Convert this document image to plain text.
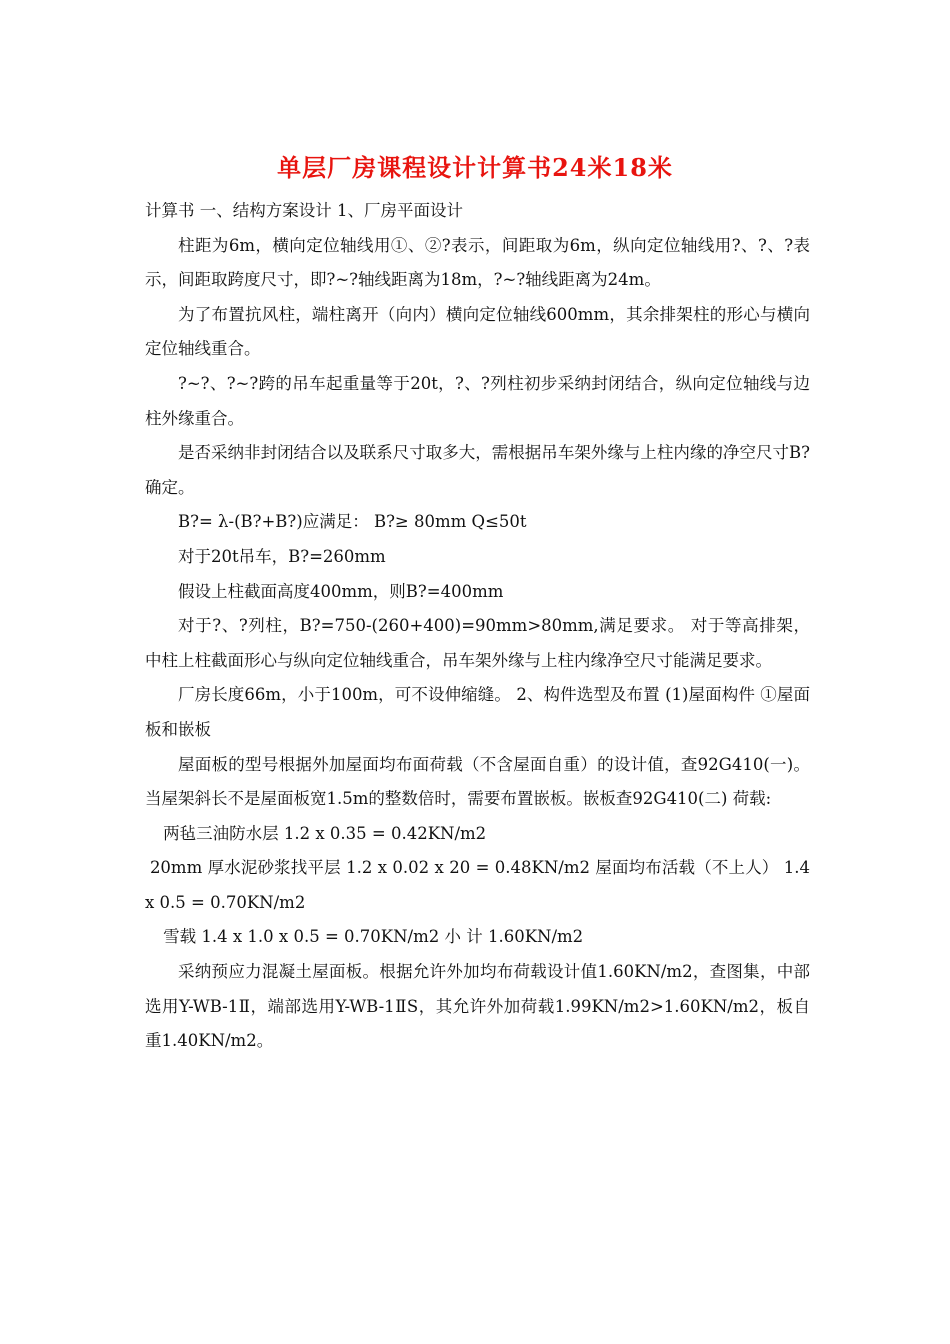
单层厂房课程设计计算书24米18米

计算书 一、结构方案设计 1、厂房平面设计

柱距为6m，横向定位轴线用①、②?表示，间距取为6m，纵向定位轴线用?、?、?表示，间距取跨度尺寸，即?~?轴线距离为18m，?~?轴线距离为24m。

为了布置抗风柱，端柱离开（向内）横向定位轴线600mm，其余排架柱的形心与横向定位轴线重合。

?~?、?~?跨的吊车起重量等于20t，?、?列柱初步采纳封闭结合，纵向定位轴线与边柱外缘重合。

是否采纳非封闭结合以及联系尺寸取多大，需根据吊车架外缘与上柱内缘的净空尺寸B?确定。

B?= λ-(B?+B?)应满足： B?≥ 80mm Q≤50t

对于20t吊车，B?=260mm

假设上柱截面高度400mm，则B?=400mm

对于?、?列柱，B?=750-(260+400)=90mm>80mm,满足要求。 对于等高排架，中柱上柱截面形心与纵向定位轴线重合，吊车架外缘与上柱内缘净空尺寸能满足要求。

厂房长度66m，小于100m，可不设伸缩缝。 2、构件选型及布置 (1)屋面构件 ①屋面板和嵌板

屋面板的型号根据外加屋面均布面荷载（不含屋面自重）的设计值，查92G410(一)。当屋架斜长不是屋面板宽1.5m的整数倍时，需要布置嵌板。嵌板查92G410(二) 荷载:

两毡三油防水层 1.2 x 0.35 = 0.42KN/m2

20mm 厚水泥砂浆找平层 1.2 x 0.02 x 20 = 0.48KN/m2 屋面均布活载（不上人） 1.4 x 0.5 = 0.70KN/m2

雪载 1.4 x 1.0 x 0.5 = 0.70KN/m2 小 计 1.60KN/m2

采纳预应力混凝土屋面板。根据允许外加均布荷载设计值1.60KN/m2，查图集，中部选用Y-WB-1Ⅱ，端部选用Y-WB-1ⅡS，其允许外加荷载1.99KN/m2>1.60KN/m2，板自重1.40KN/m2。
